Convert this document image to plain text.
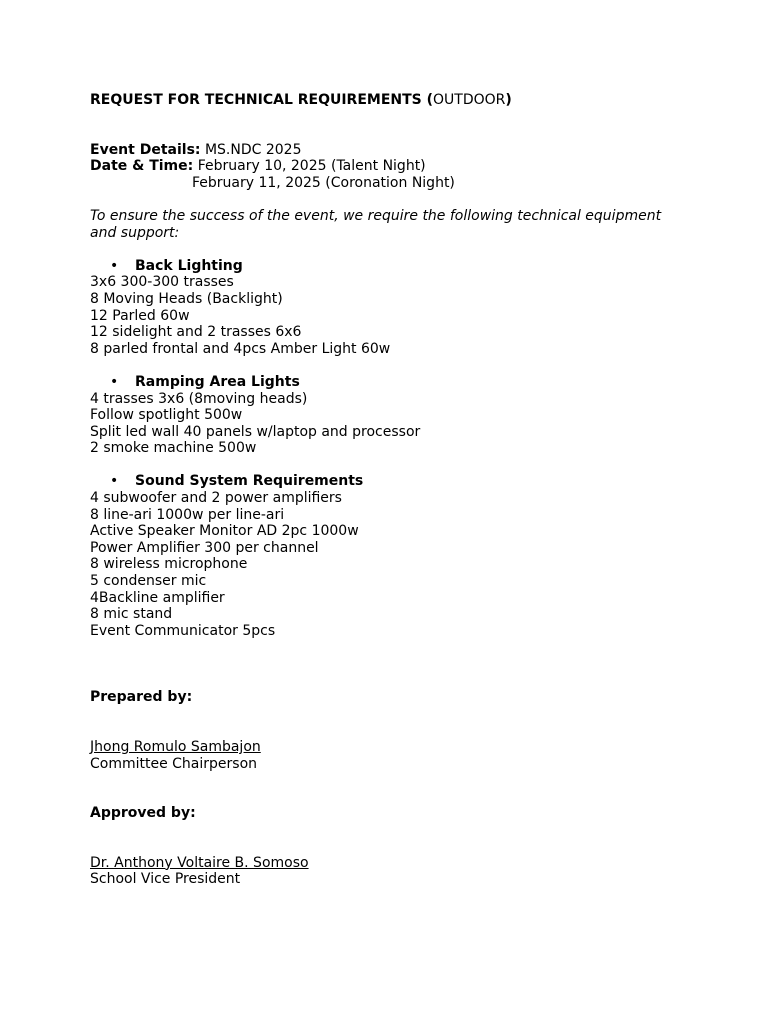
REQUEST FOR TECHNICAL REQUIREMENTS (OUTDOOR)
Event Details: MS.NDC 2025
Date & Time: February 10, 2025 (Talent Night)
February 11, 2025 (Coronation Night)
To ensure the success of the event, we require the following technical equipment and support:
• Back Lighting
3x6 300-300 trasses
8 Moving Heads (Backlight)
12 Parled 60w
12 sidelight and 2 trasses 6x6
8 parled frontal and 4pcs Amber Light 60w
• Ramping Area Lights
4 trasses 3x6 (8moving heads)
Follow spotlight 500w
Split led wall 40 panels w/laptop and processor
2 smoke machine 500w
• Sound System Requirements
4 subwoofer and 2 power amplifiers
8 line-ari 1000w per line-ari
Active Speaker Monitor AD 2pc 1000w
Power Amplifier 300 per channel
8 wireless microphone
5 condenser mic
4Backline amplifier
8 mic stand
Event Communicator 5pcs
Prepared by:
Jhong Romulo Sambajon
Committee Chairperson
Approved by:
Dr. Anthony Voltaire B. Somoso
School Vice President
